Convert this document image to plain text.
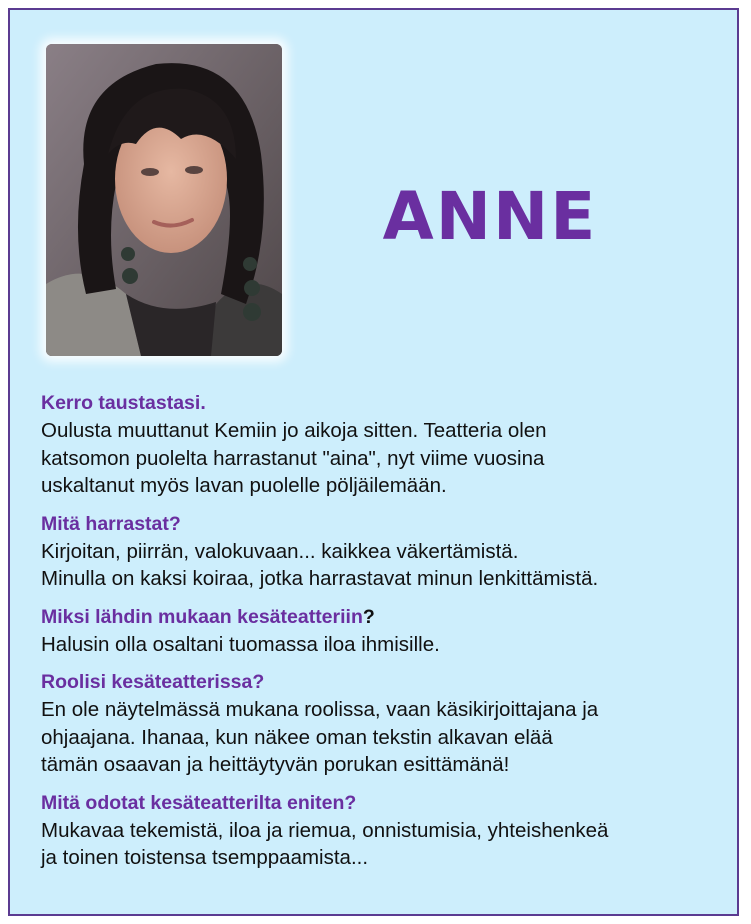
ANNE

Kerro taustastasi.

Oulusta muuttanut Kemiin jo aikoja sitten. Teatteria olen
katsomon puolelta harrastanut "aina", nyt viime vuosina
uskaltanut myös lavan puolelle pöljäilemään.

Mitä harrastat?

Kirjoitan, piirrän, valokuvaan... kaikkea väkertämistä.
Minulla on kaksi koiraa, jotka harrastavat minun lenkittämistä.

Miksi lähdin mukaan kesäteatteriin?

Halusin olla osaltani tuomassa iloa ihmisille.

Roolisi kesäteatterissa?

En ole näytelmässä mukana roolissa, vaan käsikirjoittajana ja
ohjaajana. Ihanaa, kun näkee oman tekstin alkavan elää
tämän osaavan ja heittäytyvän porukan esittämänä!

Mitä odotat kesäteatterilta eniten?

Mukavaa tekemistä, iloa ja riemua, onnistumisia, yhteishenkeä
ja toinen toistensa tsemppaamista...
